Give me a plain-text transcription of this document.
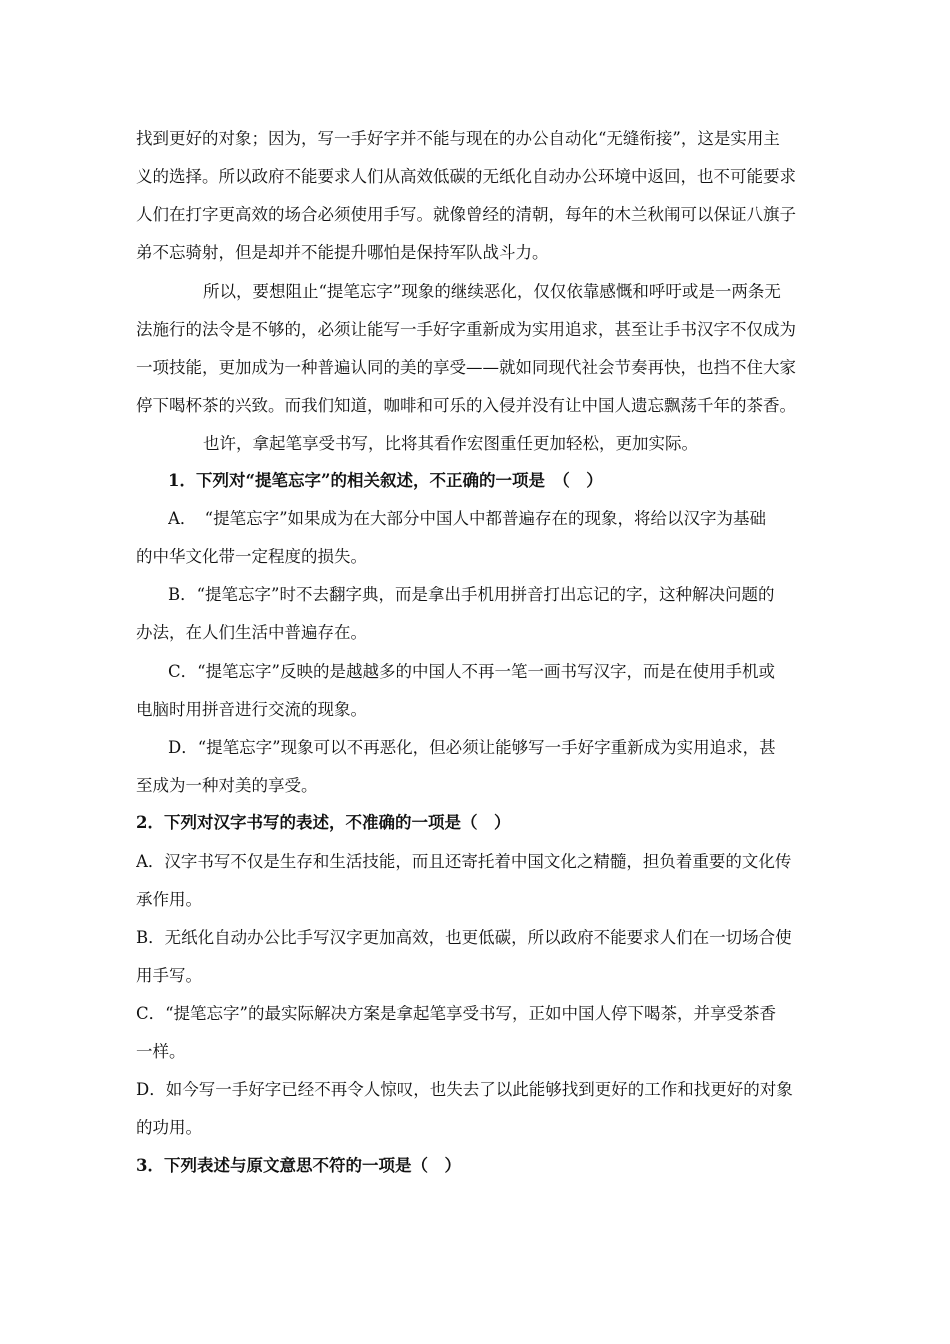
找到更好的对象；因为，写一手好字并不能与现在的办公自动化“无缝衔接”，这是实用主
义的选择。所以政府不能要求人们从高效低碳的无纸化自动办公环境中返回，也不可能要求
人们在打字更高效的场合必须使用手写。就像曾经的清朝，每年的木兰秋闱可以保证八旗子
弟不忘骑射，但是却并不能提升哪怕是保持军队战斗力。
所以，要想阻止“提笔忘字”现象的继续恶化，仅仅依靠感慨和呼吁或是一两条无
法施行的法令是不够的，必须让能写一手好字重新成为实用追求，甚至让手书汉字不仅成为
一项技能，更加成为一种普遍认同的美的享受——就如同现代社会节奏再快，也挡不住大家
停下喝杯茶的兴致。而我们知道，咖啡和可乐的入侵并没有让中国人遗忘飘荡千年的茶香。
也许，拿起笔享受书写，比将其看作宏图重任更加轻松，更加实际。
1．下列对“提笔忘字”的相关叙述，不正确的一项是　（　）
A．　“提笔忘字”如果成为在大部分中国人中都普遍存在的现象，将给以汉字为基础
的中华文化带一定程度的损失。
B．“提笔忘字”时不去翻字典，而是拿出手机用拼音打出忘记的字，这种解决问题的
办法，在人们生活中普遍存在。
C．“提笔忘字”反映的是越越多的中国人不再一笔一画书写汉字，而是在使用手机或
电脑时用拼音进行交流的现象。
D．“提笔忘字”现象可以不再恶化，但必须让能够写一手好字重新成为实用追求，甚
至成为一种对美的享受。
2．下列对汉字书写的表述，不准确的一项是（　）
A．汉字书写不仅是生存和生活技能，而且还寄托着中国文化之精髓，担负着重要的文化传
承作用。
B．无纸化自动办公比手写汉字更加高效，也更低碳，所以政府不能要求人们在一切场合使
用手写。
C．“提笔忘字”的最实际解决方案是拿起笔享受书写，正如中国人停下喝茶，并享受茶香
一样。
D．如今写一手好字已经不再令人惊叹，也失去了以此能够找到更好的工作和找更好的对象
的功用。
3．下列表述与原文意思不符的一项是（　）
